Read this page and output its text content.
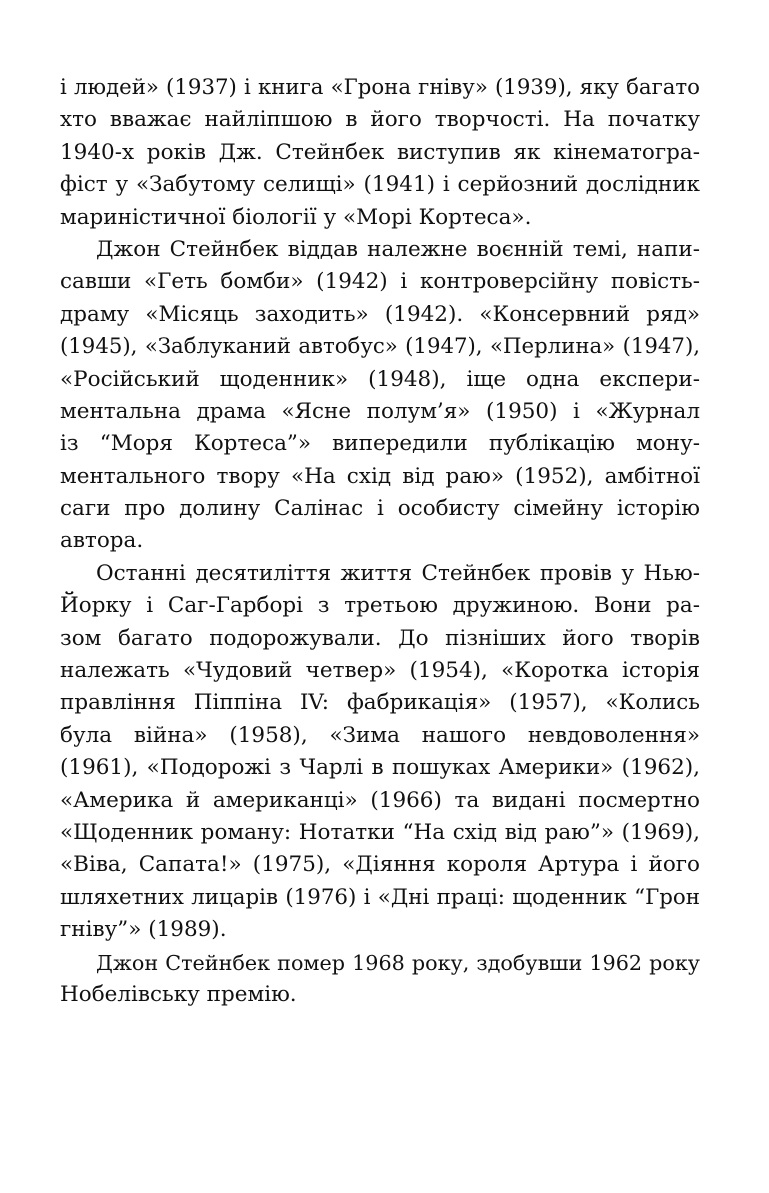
і людей» (1937) і книга «Грона гніву» (1939), яку багато
хто вважає найліпшою в його творчості. На початку
1940-х років Дж. Стейнбек виступив як кінематогра-
фіст у «Забутому селищі» (1941) і серйозний дослідник
мариністичної біології у «Морі Кортеса».
Джон Стейнбек віддав належне воєнній темі, напи-
савши «Геть бомби» (1942) і контроверсійну повість-
драму «Місяць заходить» (1942). «Консервний ряд»
(1945), «Заблуканий автобус» (1947), «Перлина» (1947),
«Російський щоденник» (1948), іще одна експери-
ментальна драма «Ясне полум’я» (1950) і «Журнал
із “Моря Кортеса”» випередили публікацію мону-
ментального твору «На схід від раю» (1952), амбітної
саги про долину Салінас і особисту сімейну історію
автора.
Останні десятиліття життя Стейнбек провів у Нью-
Йорку і Саг-Гарборі з третьою дружиною. Вони ра-
зом багато подорожували. До пізніших його творів
належать «Чудовий четвер» (1954), «Коротка історія
правління Піппіна IV: фабрикація» (1957), «Колись
була війна» (1958), «Зима нашого невдоволення»
(1961), «Подорожі з Чарлі в пошуках Америки» (1962),
«Америка й американці» (1966) та видані посмертно
«Щоденник роману: Нотатки “На схід від раю”» (1969),
«Віва, Сапата!» (1975), «Діяння короля Артура і його
шляхетних лицарів (1976) і «Дні праці: щоденник “Грон
гніву”» (1989).
Джон Стейнбек помер 1968 року, здобувши 1962 року
Нобелівську премію.
